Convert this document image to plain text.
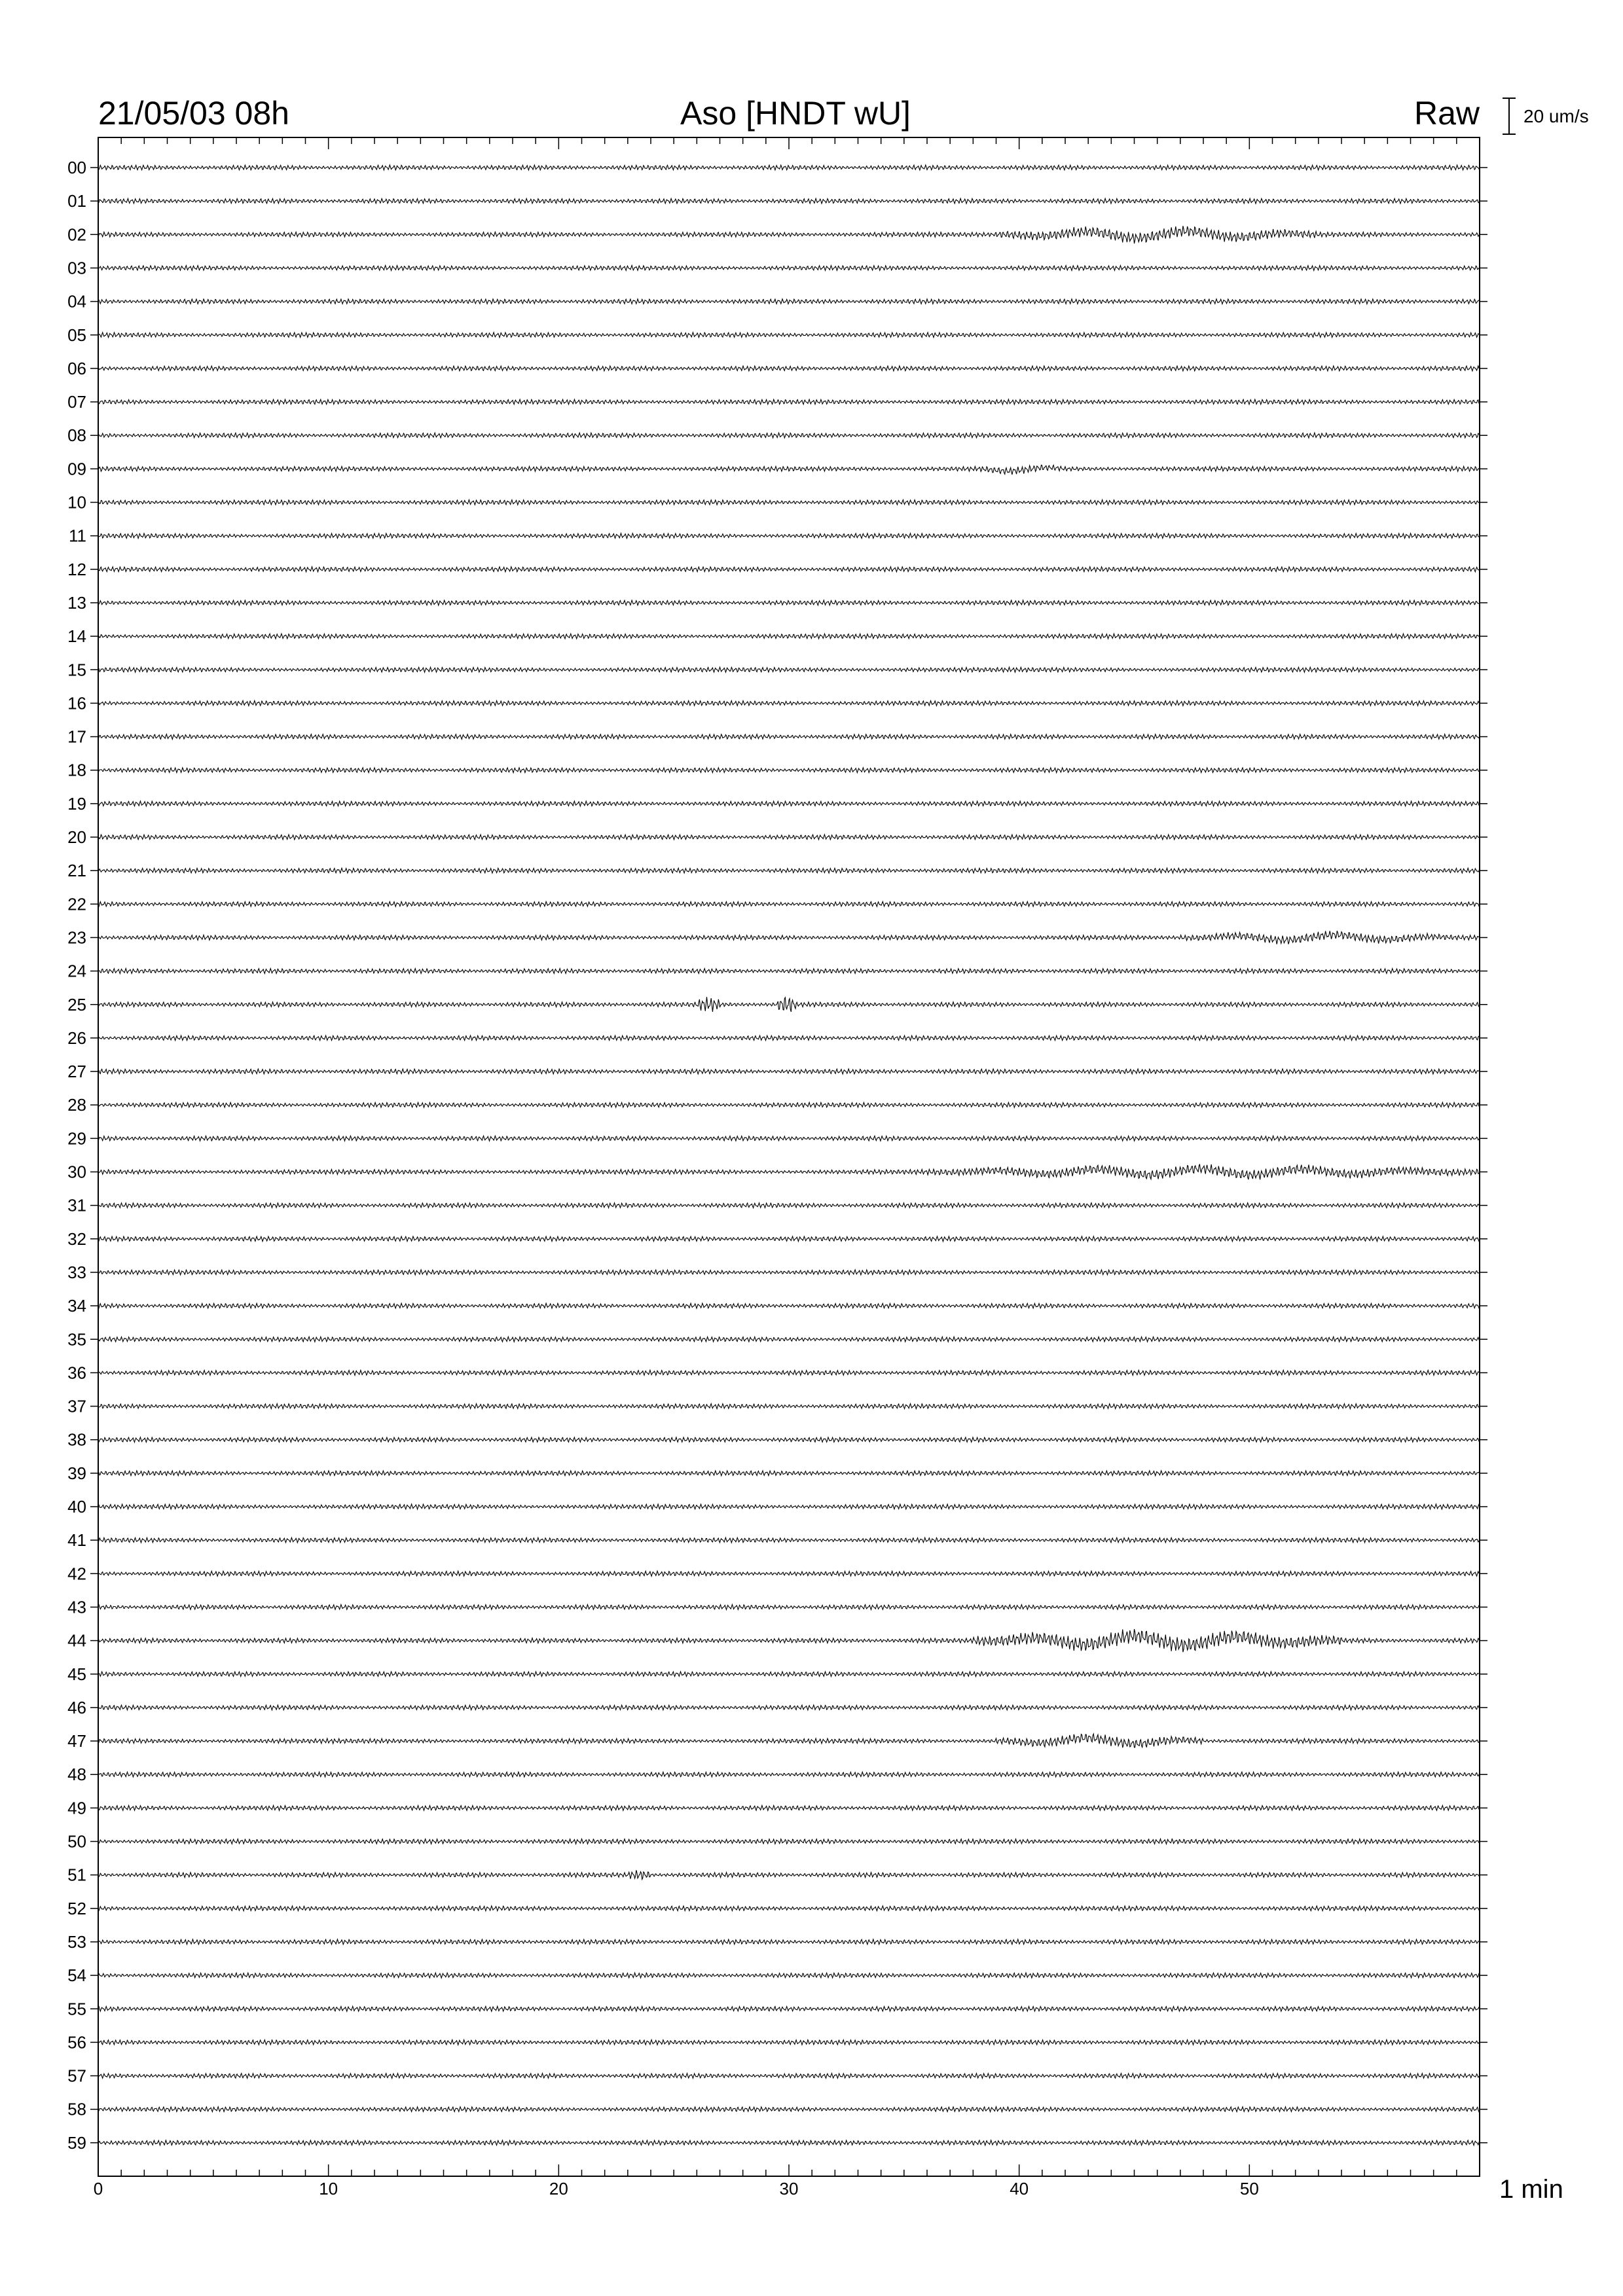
21/05/03 08h	Aso [HNDT wU]	Raw 20 um/s
0	10	20	30	40	50
00
01
02
03
04
05
06
07
08
09
10
11
12
13
14
15
16
17
18
19
20
21
22
23
24
25
26
27
28
29
30
31
32
33
34
35
36
37
38
39
40
41
42
43
44
45
46
47
48
49
50
51
52
53
54
55
56
57
58
59
1 min
